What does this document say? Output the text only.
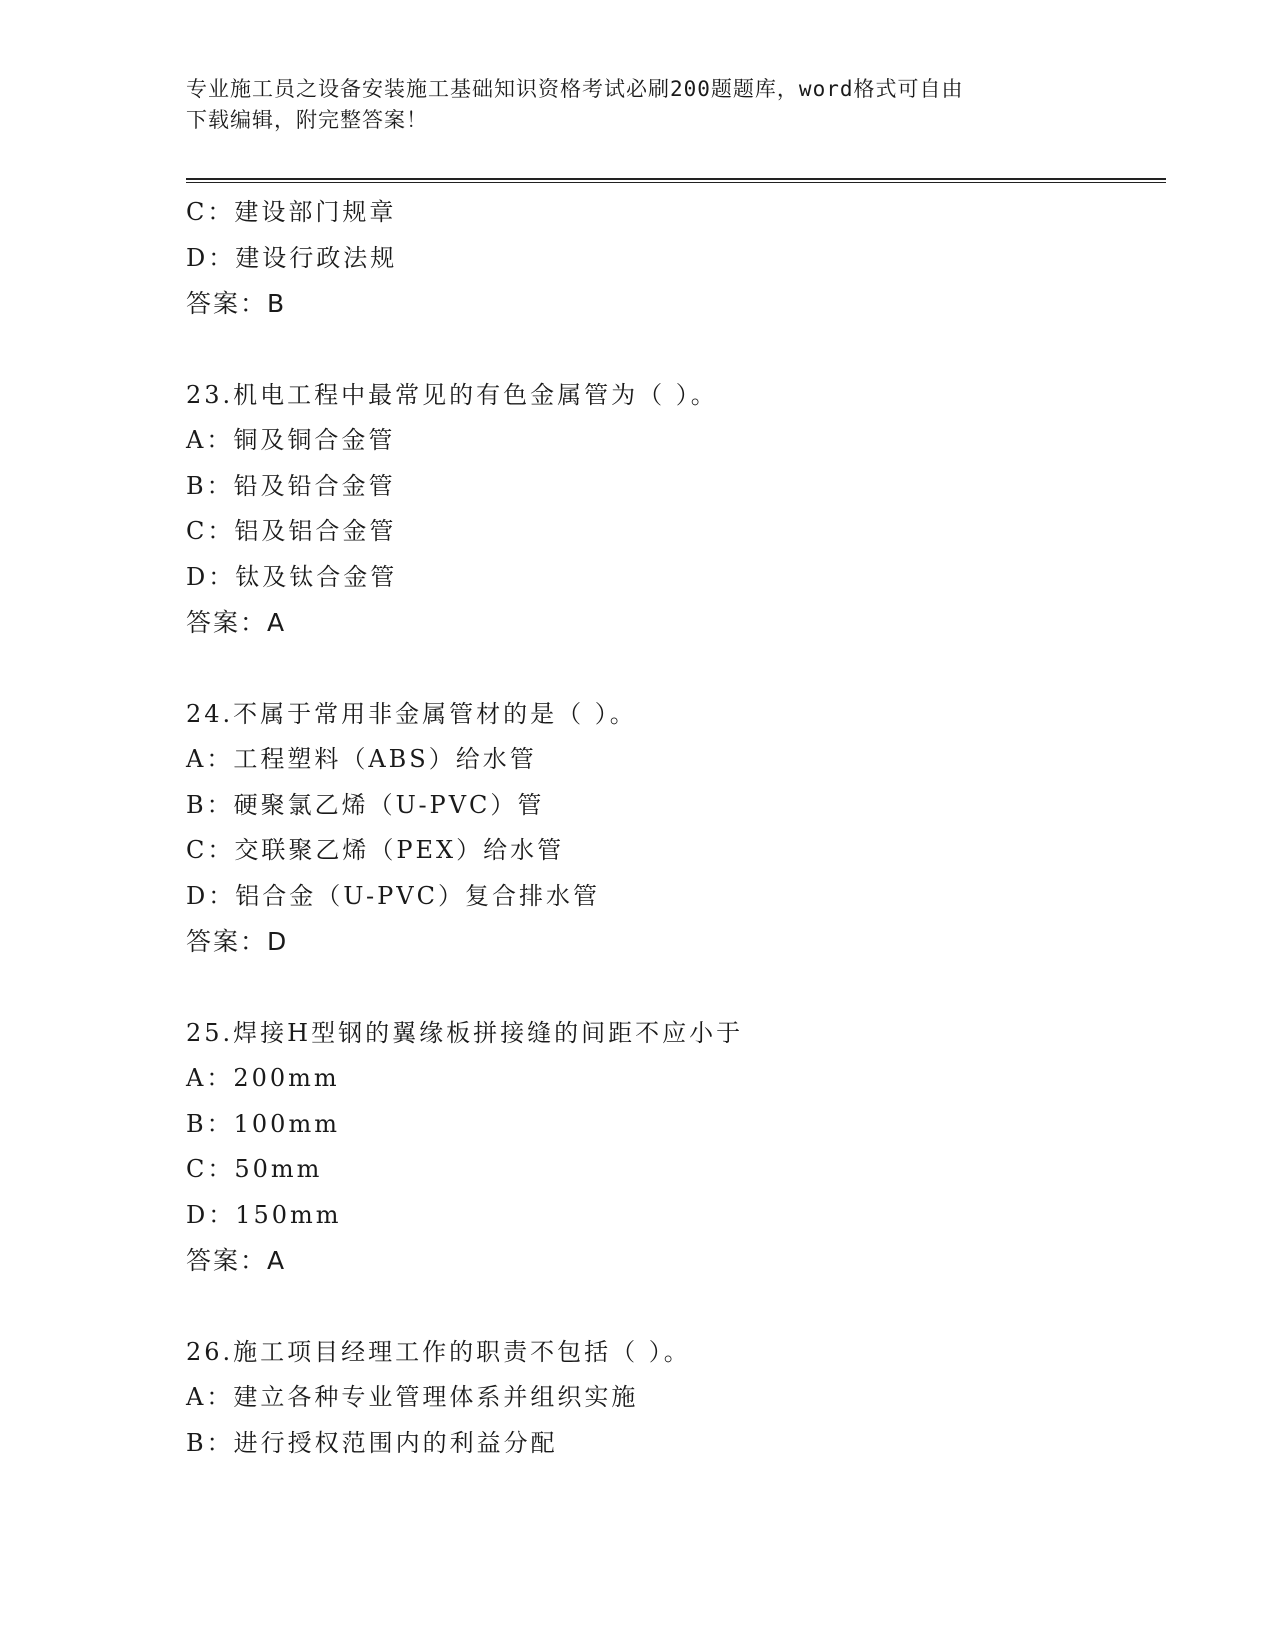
专业施工员之设备安装施工基础知识资格考试必刷200题题库，word格式可自由
下载编辑，附完整答案！
C：建设部门规章
D：建设行政法规
答案：B
23.机电工程中最常见的有色金属管为（ ）。
A：铜及铜合金管
B：铅及铅合金管
C：铝及铝合金管
D：钛及钛合金管
答案：A
24.不属于常用非金属管材的是（ ）。
A：工程塑料（ABS）给水管
B：硬聚氯乙烯（U-PVC）管
C：交联聚乙烯（PEX）给水管
D：铝合金（U-PVC）复合排水管
答案：D
25.焊接H型钢的翼缘板拼接缝的间距不应小于
A：200mm
B：100mm
C：50mm
D：150mm
答案：A
26.施工项目经理工作的职责不包括（ ）。
A：建立各种专业管理体系并组织实施
B：进行授权范围内的利益分配
